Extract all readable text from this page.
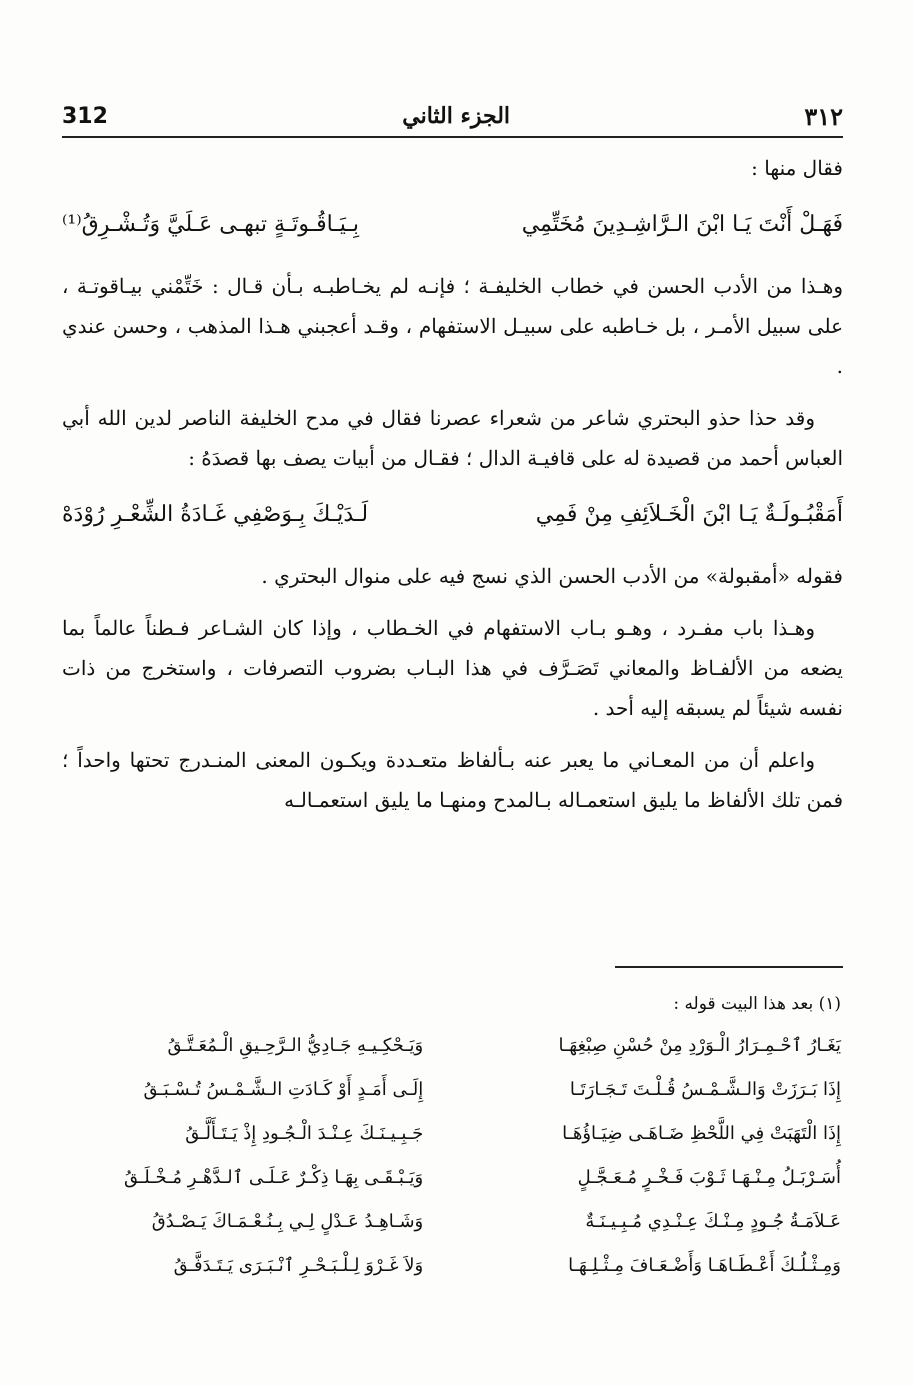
312	الجزء الثاني	٣١٢

فقال منها :

فَهَـلْ أَنْتَ يَـا ابْنَ الـرَّاشِـدِينَ مُخَتِّمِي
بِـيَـاقُـوتَـةٍ تبهـى عَـلَيَّ وَتُـشْـرِقُ⁽¹⁾

وهـذا من الأدب الحسن في خطاب الخليفـة ؛ فإنـه لم يخـاطبـه بـأن قـال : خَتِّمْني بيـاقوتـة ، على سبيل الأمـر ، بل خـاطبه على سبيـل الاستفهام ، وقـد أعجبني هـذا المذهب ، وحسن عندي .

وقد حذا حذو البحتري شاعر من شعراء عصرنا فقال في مدح الخليفة الناصر لدين الله أبي العباس أحمد من قصيدة له على قافيـة الدال ؛ فقـال من أبيات يصف بها قصدَهُ :

أَمَقْبُـولَـةٌ يَـا ابْنَ الْخَـلاَئِفِ مِنْ فَمِي
لَـدَيْـكَ بِـوَصْفِي غَـادَةُ الشِّعْـرِ رُوْدَهْ

فقوله «أمقبولة» من الأدب الحسن الذي نسج فيه على منوال البحتري .

وهـذا باب مفـرد ، وهـو بـاب الاستفهام في الخـطاب ، وإذا كان الشـاعر فـطناً عالماً بما يضعه من الألفـاظ والمعاني تَصَـرَّف في هذا البـاب بضروب التصرفات ، واستخرج من ذات نفسه شيئاً لم يسبقه إليه أحد .

واعلم أن من المعـاني ما يعبر عنه بـألفاظ متعـددة ويكـون المعنى المنـدرج تحتها واحداً ؛ فمن تلك الألفاظ ما يليق استعمـاله بـالمدح ومنهـا ما يليق استعمـالـه

(١) بعد هذا البيت قوله :
يَغَـارُ ٱحْـمِـرَارُ الْـوَرْدِ مِنْ حُسْنِ صِبْغِهَـا
وَيَـحْكِـيـهِ جَـادِيُّ الـرَّحِـيقِ الْـمُعَـتَّـقُ
إِذَا بَـرَزَتْ وَالـشَّـمْـسُ قُـلْـتَ تَـجَـارَتَـا
إِلَـى أَمَـدٍ أَوْ كَـادَتِ الـشَّـمْـسُ تُـسْـبَـقُ
إِذَا الْتَهَبَتْ فِي اللَّحْظِ ضَـاهَـى ضِيَـاؤُهَـا
جَـبِـيـنَـكَ عِـنْـدَ الْـجُـودِ إِذْ يَـتَـأَلَّـقُ
أُسَـرْبَـلُ مِـنْـهَـا ثَـوْبَ فَـخْـرٍ مُـعَـجَّـلٍ
وَيَـبْـقَـى بِهَـا ذِكْـرٌ عَـلَـى ٱلـدَّهْـرِ مُـخْـلَـقُ
عَـلاَمَـةُ جُـودٍ مِـنْـكَ عِـنْـدِي مُـبِـيـنَـةٌ
وَشَـاهِـدُ عَـدْلٍ لِـي بِـنُـعْـمَـاكَ يَـصْـدُقُ
وَمِـثْـلُـكَ أَعْـطَـاهَـا وَأَضْـعَـافَ مِـثْـلِـهَـا
وَلاَ غَـرْوَ لِـلْـبَـحْـرِ ٱنْـبَـرَى يَـتَـدَفَّـقُ
